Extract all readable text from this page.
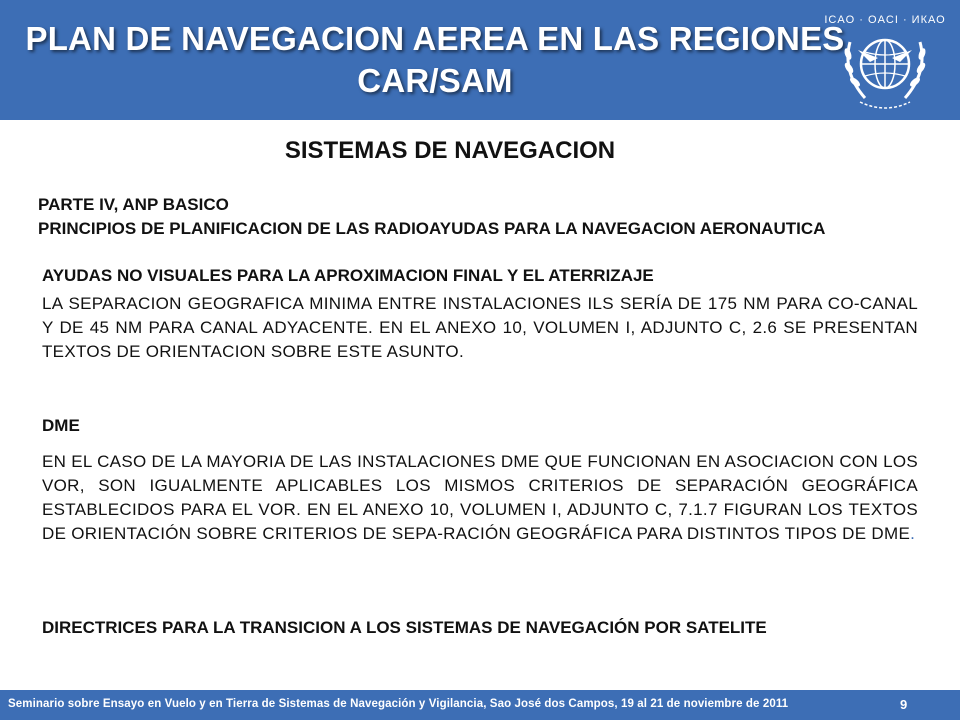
PLAN DE NAVEGACION AEREA EN LAS REGIONES
CAR/SAM
ICAO · OACI · ИКАО
SISTEMAS DE NAVEGACION
PARTE IV, ANP BASICO
PRINCIPIOS DE PLANIFICACION DE LAS RADIOAYUDAS PARA LA NAVEGACION AERONAUTICA
AYUDAS NO VISUALES PARA LA APROXIMACION FINAL Y EL ATERRIZAJE
LA SEPARACION GEOGRAFICA MINIMA ENTRE INSTALACIONES ILS SERÍA DE 175 NM PARA CO-CANAL Y DE 45 NM PARA CANAL ADYACENTE. EN EL ANEXO 10, VOLUMEN I, ADJUNTO C, 2.6 SE PRESENTAN TEXTOS DE ORIENTACION SOBRE ESTE ASUNTO.
DME
EN EL CASO DE LA MAYORIA DE LAS INSTALACIONES DME QUE FUNCIONAN EN ASOCIACION CON LOS VOR, SON IGUALMENTE APLICABLES LOS MISMOS CRITERIOS DE SEPARACIÓN GEOGRÁFICA ESTABLECIDOS PARA EL VOR. EN EL ANEXO 10, VOLUMEN I, ADJUNTO C, 7.1.7 FIGURAN LOS TEXTOS DE ORIENTACIÓN SOBRE CRITERIOS DE SEPA-RACIÓN GEOGRÁFICA PARA DISTINTOS TIPOS DE DME.
DIRECTRICES PARA LA TRANSICION A LOS SISTEMAS DE NAVEGACIÓN POR SATELITE
Seminario sobre Ensayo en Vuelo y en Tierra de Sistemas de Navegación y Vigilancia, Sao José dos Campos, 19 al 21 de noviembre de 2011	9
